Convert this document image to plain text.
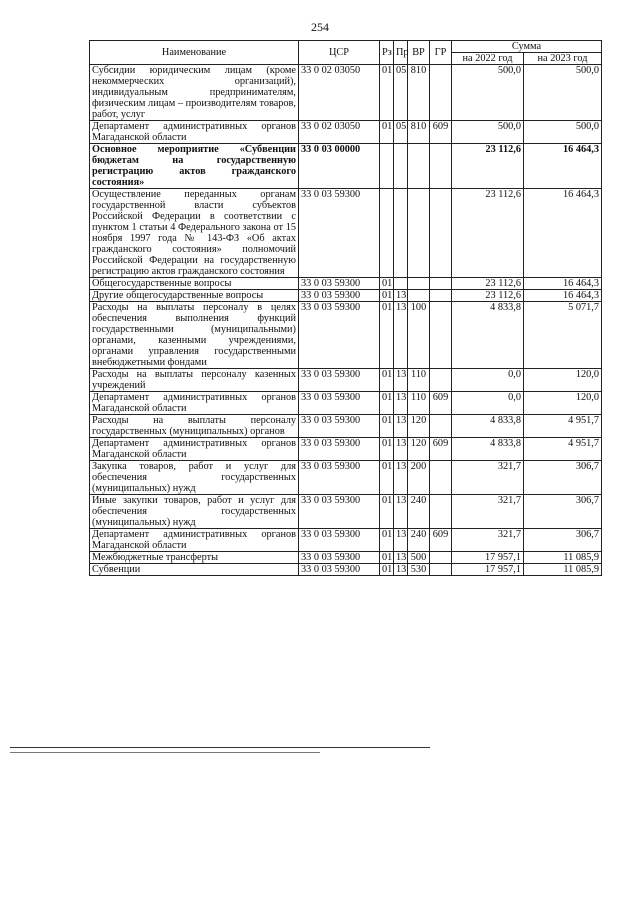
254
Наименование	ЦСР	Рз	Пр	ВР	ГР	Сумма	
						на 2022 год	на 2023 год
Субсидии юридическим лицам (кроме некоммерческих организаций), индивидуальным предпринимателям, физическим лицам – производителям товаров, работ, услуг	33 0 02 03050	01	05	810		500,0	500,0
Департамент административных органов Магаданской области	33 0 02 03050	01	05	810	609	500,0	500,0
Основное мероприятие «Субвенции бюджетам на государственную регистрацию актов гражданского состояния»	33 0 03 00000					23 112,6	16 464,3
Осуществление переданных органам государственной власти субъектов Российской Федерации в соответствии с пунктом 1 статьи 4 Федерального закона от 15 ноября 1997 года № 143-ФЗ «Об актах гражданского состояния» полномочий Российской Федерации на государственную регистрацию актов гражданского состояния	33 0 03 59300					23 112,6	16 464,3
Общегосударственные вопросы	33 0 03 59300	01				23 112,6	16 464,3
Другие общегосударственные вопросы	33 0 03 59300	01	13			23 112,6	16 464,3
Расходы на выплаты персоналу в целях обеспечения выполнения функций государственными (муниципальными) органами, казенными учреждениями, органами управления государственными внебюджетными фондами	33 0 03 59300	01	13	100		4 833,8	5 071,7
Расходы на выплаты персоналу казенных учреждений	33 0 03 59300	01	13	110		0,0	120,0
Департамент административных органов Магаданской области	33 0 03 59300	01	13	110	609	0,0	120,0
Расходы на выплаты персоналу государственных (муниципальных) органов	33 0 03 59300	01	13	120		4 833,8	4 951,7
Департамент административных органов Магаданской области	33 0 03 59300	01	13	120	609	4 833,8	4 951,7
Закупка товаров, работ и услуг для обеспечения государственных (муниципальных) нужд	33 0 03 59300	01	13	200		321,7	306,7
Иные закупки товаров, работ и услуг для обеспечения государственных (муниципальных) нужд	33 0 03 59300	01	13	240		321,7	306,7
Департамент административных органов Магаданской области	33 0 03 59300	01	13	240	609	321,7	306,7
Межбюджетные трансферты	33 0 03 59300	01	13	500		17 957,1	11 085,9
Субвенции	33 0 03 59300	01	13	530		17 957,1	11 085,9
